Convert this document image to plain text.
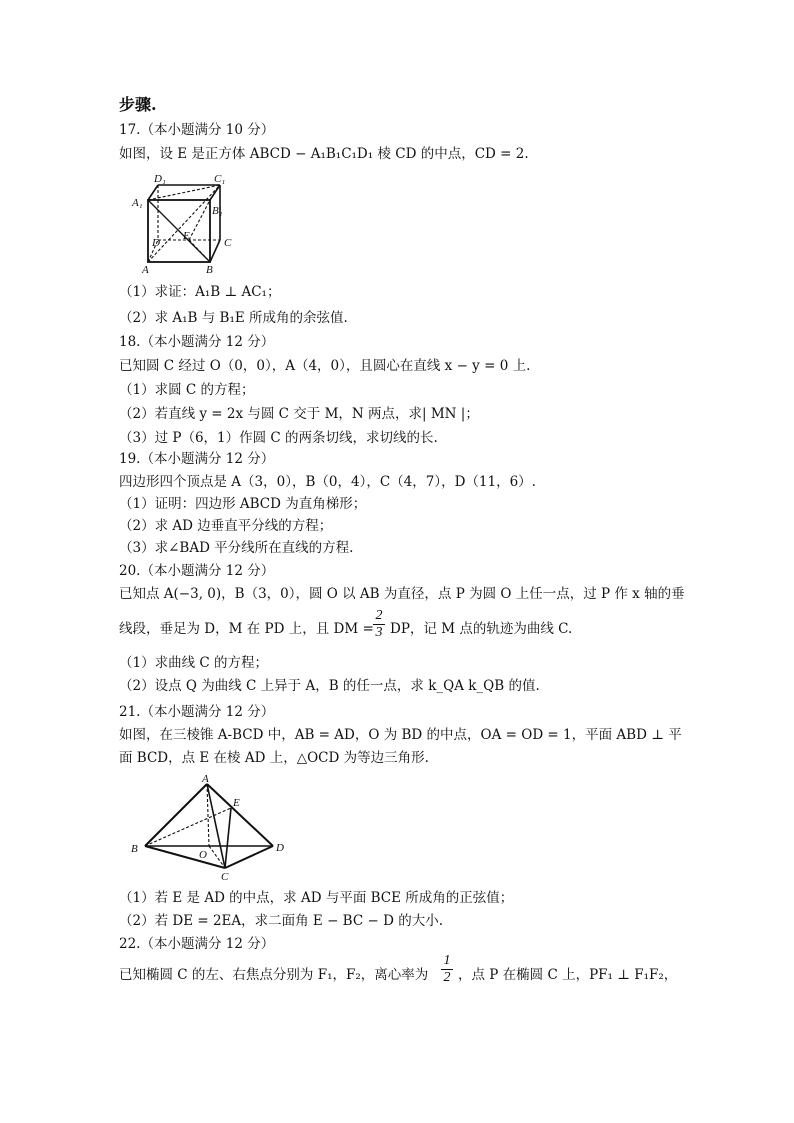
步骤.
17.（本小题满分 10 分）
如图，设 E 是正方体 ABCD − A₁B₁C₁D₁ 棱 CD 的中点，CD = 2.
D₁	C₁
A₁
B₁
D
E
C
A	B
（1）求证：A₁B ⊥ AC₁；
（2）求 A₁B 与 B₁E 所成角的余弦值.
18.（本小题满分 12 分）
已知圆 C 经过 O（0，0），A（4，0），且圆心在直线 x − y = 0 上.
（1）求圆 C 的方程；
（2）若直线 y = 2x 与圆 C 交于 M，N 两点，求| MN |；
（3）过 P（6，1）作圆 C 的两条切线，求切线的长.
19.（本小题满分 12 分）
四边形四个顶点是 A（3，0），B（0，4），C（4，7），D（11，6）.
（1）证明：四边形 ABCD 为直角梯形；
（2）求 AD 边垂直平分线的方程；
（3）求∠BAD 平分线所在直线的方程.
20.（本小题满分 12 分）
已知点 A(−3, 0)，B（3，0），圆 O 以 AB 为直径，点 P 为圆 O 上任一点，过 P 作 x 轴的垂
线段，垂足为 D，M 在 PD 上，且 DM = $\frac{2}{3}$ DP，记 M 点的轨迹为曲线 C.
（1）求曲线 C 的方程；
（2）设点 Q 为曲线 C 上异于 A，B 的任一点，求 k_QA k_QB 的值.
21.（本小题满分 12 分）
如图，在三棱锥 A-BCD 中，AB = AD，O 为 BD 的中点，OA = OD = 1，平面 ABD ⊥ 平
面 BCD，点 E 在棱 AD 上，△OCD 为等边三角形.
A
E
B	O
D
C
（1）若 E 是 AD 的中点，求 AD 与平面 BCE 所成角的正弦值；
（2）若 DE = 2EA，求二面角 E − BC − D 的大小.
22.（本小题满分 12 分）
已知椭圆 C 的左、右焦点分别为 F₁，F₂，离心率为 $\frac{1}{2}$ ，点 P 在椭圆 C 上，PF₁ ⊥ F₁F₂，
